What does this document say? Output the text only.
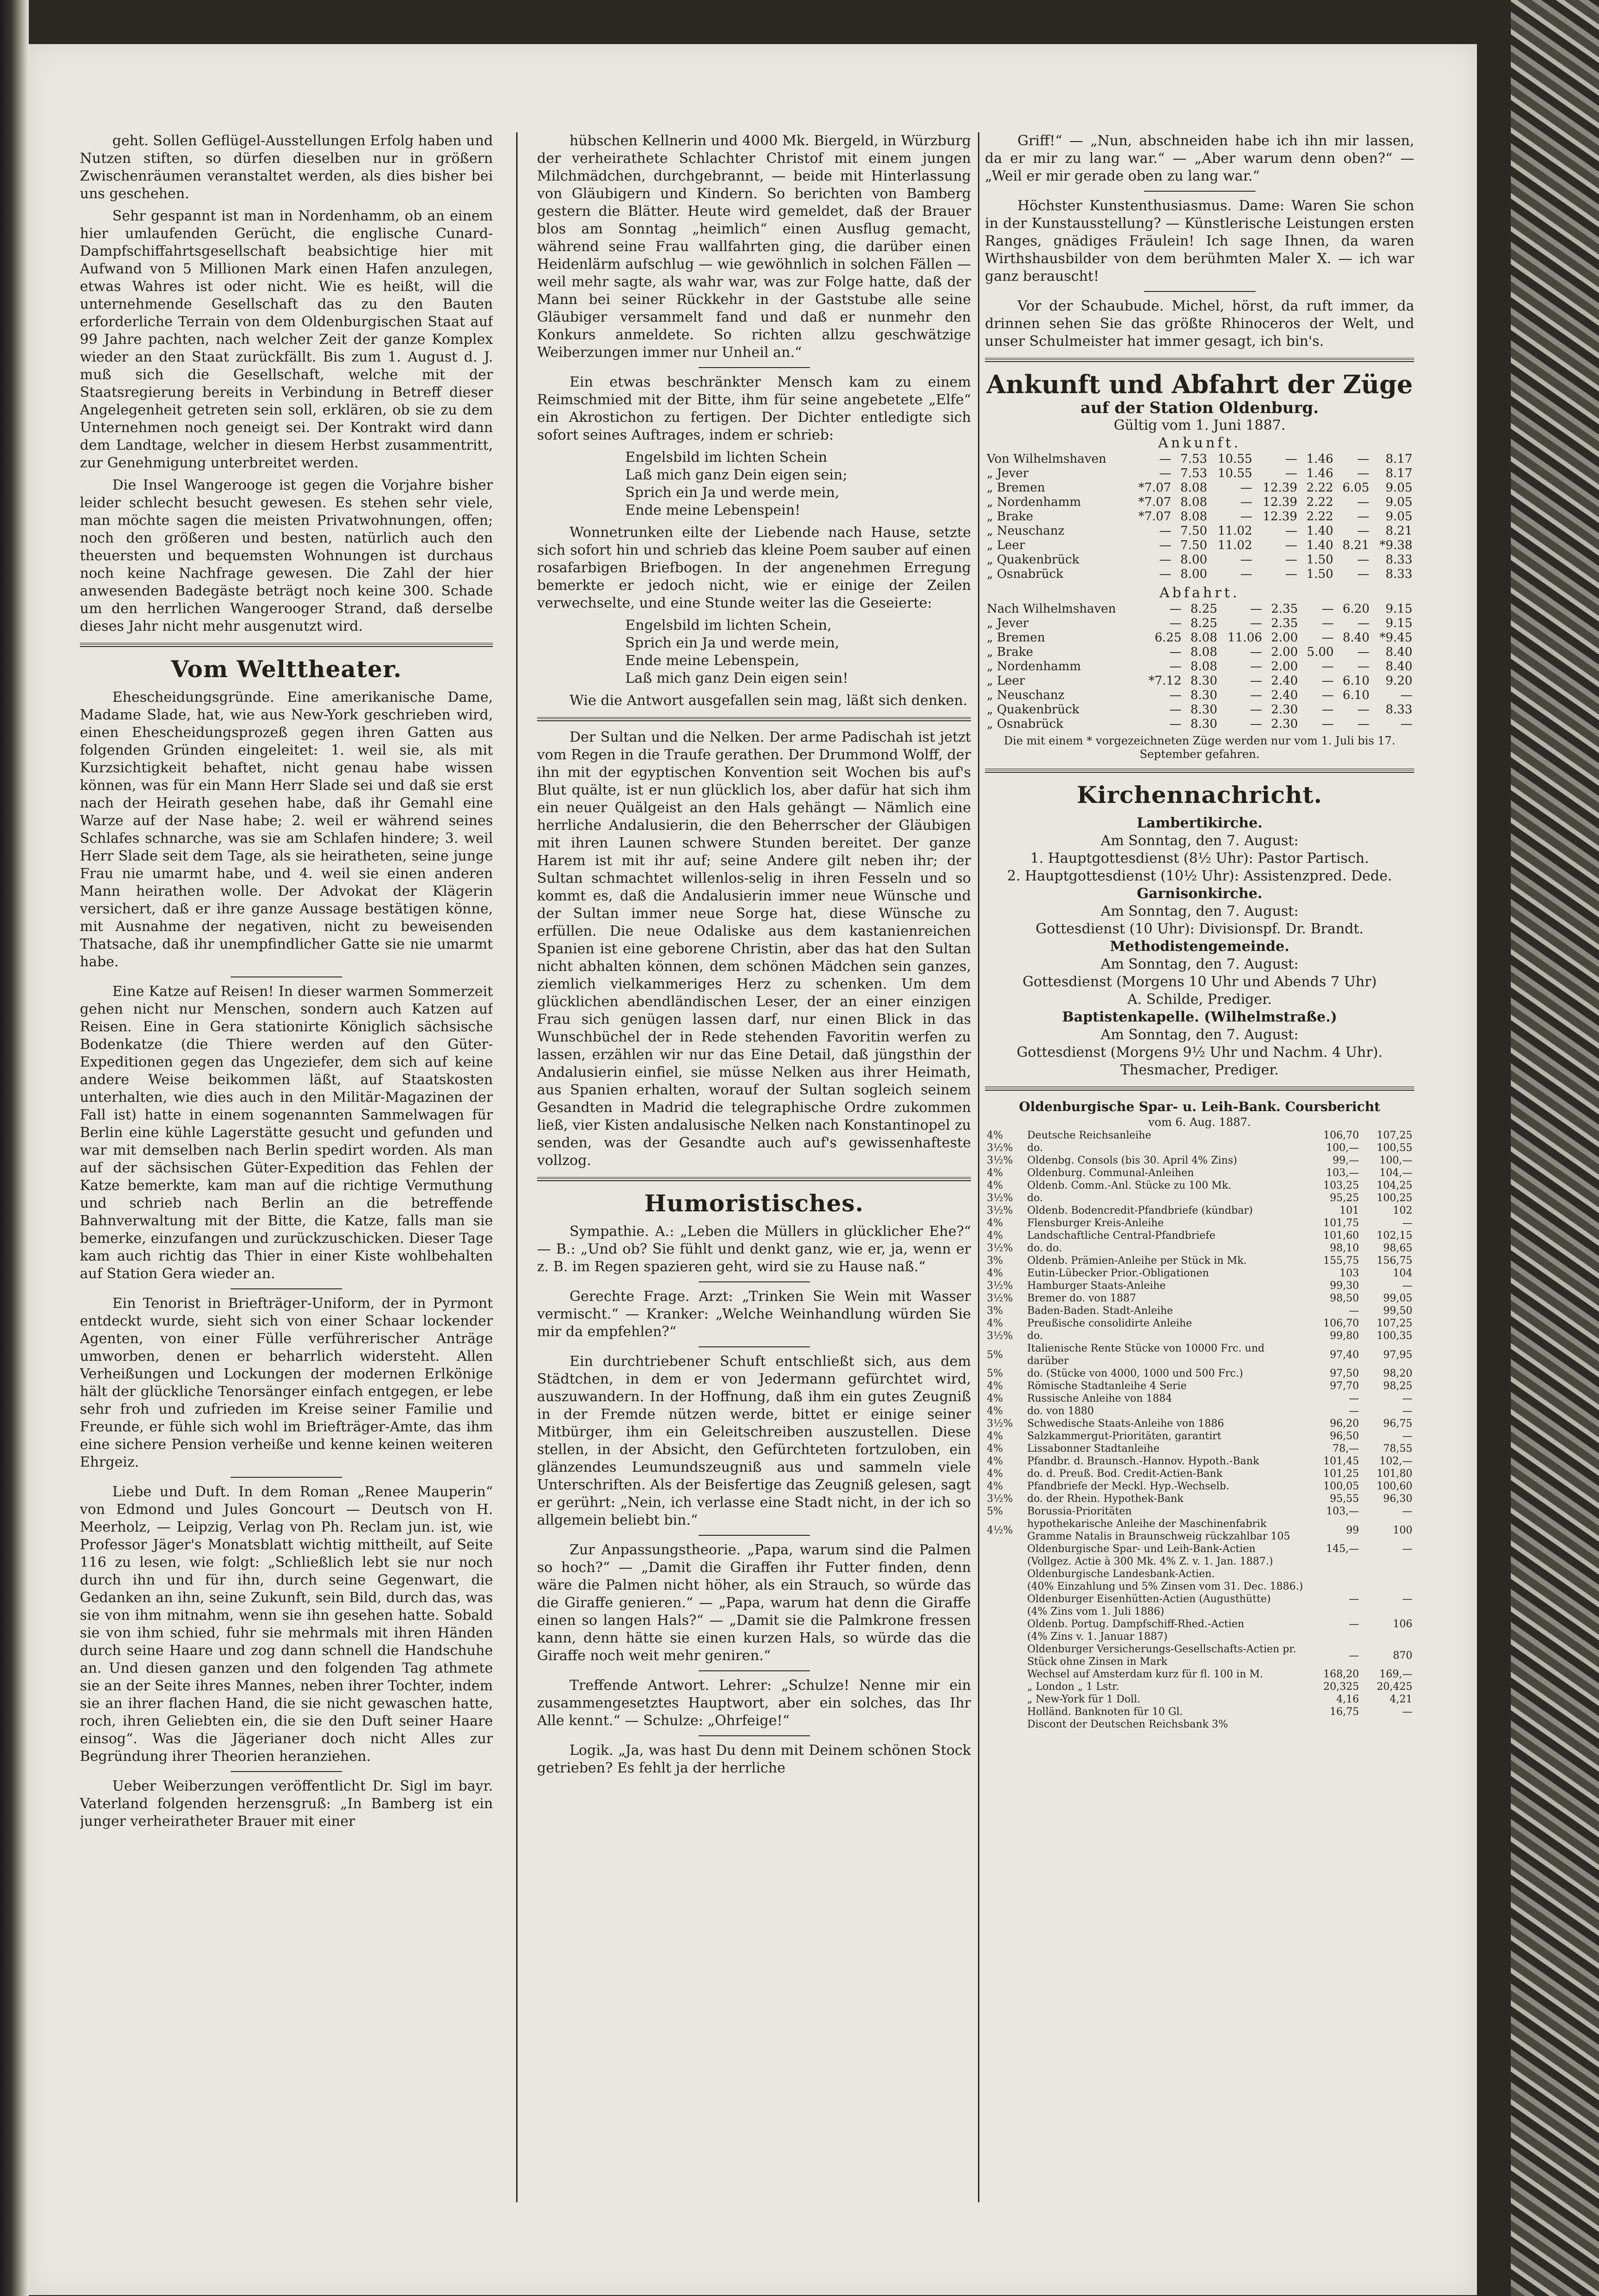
geht. Sollen Geflügel-Ausstellungen Erfolg haben und Nutzen stiften, so dürfen dieselben nur in größern Zwischenräumen veranstaltet werden, als dies bisher bei uns geschehen.

Sehr gespannt ist man in Nordenhamm, ob an einem hier umlaufenden Gerücht, die englische Cunard-Dampfschiffahrtsgesellschaft beabsichtige hier mit Aufwand von 5 Millionen Mark einen Hafen anzulegen, etwas Wahres ist oder nicht. Wie es heißt, will die unternehmende Gesellschaft das zu den Bauten erforderliche Terrain von dem Oldenburgischen Staat auf 99 Jahre pachten, nach welcher Zeit der ganze Komplex wieder an den Staat zurückfällt. Bis zum 1. August d. J. muß sich die Gesellschaft, welche mit der Staatsregierung bereits in Verbindung in Betreff dieser Angelegenheit getreten sein soll, erklären, ob sie zu dem Unternehmen noch geneigt sei. Der Kontrakt wird dann dem Landtage, welcher in diesem Herbst zusammentritt, zur Genehmigung unterbreitet werden.

Die Insel Wangerooge ist gegen die Vorjahre bisher leider schlecht besucht gewesen. Es stehen sehr viele, man möchte sagen die meisten Privatwohnungen, offen; noch den größeren und besten, natürlich auch den theuersten und bequemsten Wohnungen ist durchaus noch keine Nachfrage gewesen. Die Zahl der hier anwesenden Badegäste beträgt noch keine 300. Schade um den herrlichen Wangerooger Strand, daß derselbe dieses Jahr nicht mehr ausgenutzt wird.

Vom Welttheater.

Ehescheidungsgründe. Eine amerikanische Dame, Madame Slade, hat, wie aus New-York geschrieben wird, einen Ehescheidungsprozeß gegen ihren Gatten aus folgenden Gründen eingeleitet: 1. weil sie, als mit Kurzsichtigkeit behaftet, nicht genau habe wissen können, was für ein Mann Herr Slade sei und daß sie erst nach der Heirath gesehen habe, daß ihr Gemahl eine Warze auf der Nase habe; 2. weil er während seines Schlafes schnarche, was sie am Schlafen hindere; 3. weil Herr Slade seit dem Tage, als sie heiratheten, seine junge Frau nie umarmt habe, und 4. weil sie einen anderen Mann heirathen wolle. Der Advokat der Klägerin versichert, daß er ihre ganze Aussage bestätigen könne, mit Ausnahme der negativen, nicht zu beweisenden Thatsache, daß ihr unempfindlicher Gatte sie nie umarmt habe.

Eine Katze auf Reisen! In dieser warmen Sommerzeit gehen nicht nur Menschen, sondern auch Katzen auf Reisen. Eine in Gera stationirte Königlich sächsische Bodenkatze (die Thiere werden auf den Güter-Expeditionen gegen das Ungeziefer, dem sich auf keine andere Weise beikommen läßt, auf Staatskosten unterhalten, wie dies auch in den Militär-Magazinen der Fall ist) hatte in einem sogenannten Sammelwagen für Berlin eine kühle Lagerstätte gesucht und gefunden und war mit demselben nach Berlin spedirt worden. Als man auf der sächsischen Güter-Expedition das Fehlen der Katze bemerkte, kam man auf die richtige Vermuthung und schrieb nach Berlin an die betreffende Bahnverwaltung mit der Bitte, die Katze, falls man sie bemerke, einzufangen und zurückzuschicken. Dieser Tage kam auch richtig das Thier in einer Kiste wohlbehalten auf Station Gera wieder an.

Ein Tenorist in Briefträger-Uniform, der in Pyrmont entdeckt wurde, sieht sich von einer Schaar lockender Agenten, von einer Fülle verführerischer Anträge umworben, denen er beharrlich widersteht. Allen Verheißungen und Lockungen der modernen Erlkönige hält der glückliche Tenorsänger einfach entgegen, er lebe sehr froh und zufrieden im Kreise seiner Familie und Freunde, er fühle sich wohl im Briefträger-Amte, das ihm eine sichere Pension verheiße und kenne keinen weiteren Ehrgeiz.

Liebe und Duft. In dem Roman „Renee Mauperin“ von Edmond und Jules Goncourt — Deutsch von H. Meerholz, — Leipzig, Verlag von Ph. Reclam jun. ist, wie Professor Jäger's Monatsblatt wichtig mittheilt, auf Seite 116 zu lesen, wie folgt: „Schließlich lebt sie nur noch durch ihn und für ihn, durch seine Gegenwart, die Gedanken an ihn, seine Zukunft, sein Bild, durch das, was sie von ihm mitnahm, wenn sie ihn gesehen hatte. Sobald sie von ihm schied, fuhr sie mehrmals mit ihren Händen durch seine Haare und zog dann schnell die Handschuhe an. Und diesen ganzen und den folgenden Tag athmete sie an der Seite ihres Mannes, neben ihrer Tochter, indem sie an ihrer flachen Hand, die sie nicht gewaschen hatte, roch, ihren Geliebten ein, die sie den Duft seiner Haare einsog“. Was die Jägerianer doch nicht Alles zur Begründung ihrer Theorien heranziehen.

Ueber Weiberzungen veröffentlicht Dr. Sigl im bayr. Vaterland folgenden herzensgruß: „In Bamberg ist ein junger verheiratheter Brauer mit einer

hübschen Kellnerin und 4000 Mk. Biergeld, in Würzburg der verheirathete Schlachter Christof mit einem jungen Milchmädchen, durchgebrannt, — beide mit Hinterlassung von Gläubigern und Kindern. So berichten von Bamberg gestern die Blätter. Heute wird gemeldet, daß der Brauer blos am Sonntag „heimlich“ einen Ausflug gemacht, während seine Frau wallfahrten ging, die darüber einen Heidenlärm aufschlug — wie gewöhnlich in solchen Fällen — weil mehr sagte, als wahr war, was zur Folge hatte, daß der Mann bei seiner Rückkehr in der Gaststube alle seine Gläubiger versammelt fand und daß er nunmehr den Konkurs anmeldete. So richten allzu geschwätzige Weiberzungen immer nur Unheil an.“

Ein etwas beschränkter Mensch kam zu einem Reimschmied mit der Bitte, ihm für seine angebetete „Elfe“ ein Akrostichon zu fertigen. Der Dichter entledigte sich sofort seines Auftrages, indem er schrieb:

Engelsbild im lichten Schein
Laß mich ganz Dein eigen sein;
Sprich ein Ja und werde mein,
Ende meine Lebenspein!

Wonnetrunken eilte der Liebende nach Hause, setzte sich sofort hin und schrieb das kleine Poem sauber auf einen rosafarbigen Briefbogen. In der angenehmen Erregung bemerkte er jedoch nicht, wie er einige der Zeilen verwechselte, und eine Stunde weiter las die Geseierte:

Engelsbild im lichten Schein,
Sprich ein Ja und werde mein,
Ende meine Lebenspein,
Laß mich ganz Dein eigen sein!

Wie die Antwort ausgefallen sein mag, läßt sich denken.

Der Sultan und die Nelken. Der arme Padischah ist jetzt vom Regen in die Traufe gerathen. Der Drummond Wolff, der ihn mit der egyptischen Konvention seit Wochen bis auf's Blut quälte, ist er nun glücklich los, aber dafür hat sich ihm ein neuer Quälgeist an den Hals gehängt — Nämlich eine herrliche Andalusierin, die den Beherrscher der Gläubigen mit ihren Launen schwere Stunden bereitet. Der ganze Harem ist mit ihr auf; seine Andere gilt neben ihr; der Sultan schmachtet willenlos-selig in ihren Fesseln und so kommt es, daß die Andalusierin immer neue Wünsche und der Sultan immer neue Sorge hat, diese Wünsche zu erfüllen. Die neue Odaliske aus dem kastanienreichen Spanien ist eine geborene Christin, aber das hat den Sultan nicht abhalten können, dem schönen Mädchen sein ganzes, ziemlich vielkammeriges Herz zu schenken. Um dem glücklichen abendländischen Leser, der an einer einzigen Frau sich genügen lassen darf, nur einen Blick in das Wunschbüchel der in Rede stehenden Favoritin werfen zu lassen, erzählen wir nur das Eine Detail, daß jüngsthin der Andalusierin einfiel, sie müsse Nelken aus ihrer Heimath, aus Spanien erhalten, worauf der Sultan sogleich seinem Gesandten in Madrid die telegraphische Ordre zukommen ließ, vier Kisten andalusische Nelken nach Konstantinopel zu senden, was der Gesandte auch auf's gewissenhafteste vollzog.

Humoristisches.

Sympathie. A.: „Leben die Müllers in glücklicher Ehe?“ — B.: „Und ob? Sie fühlt und denkt ganz, wie er, ja, wenn er z. B. im Regen spazieren geht, wird sie zu Hause naß.“

Gerechte Frage. Arzt: „Trinken Sie Wein mit Wasser vermischt.“ — Kranker: „Welche Weinhandlung würden Sie mir da empfehlen?“

Ein durchtriebener Schuft entschließt sich, aus dem Städtchen, in dem er von Jedermann gefürchtet wird, auszuwandern. In der Hoffnung, daß ihm ein gutes Zeugniß in der Fremde nützen werde, bittet er einige seiner Mitbürger, ihm ein Geleitschreiben auszustellen. Diese stellen, in der Absicht, den Gefürchteten fortzuloben, ein glänzendes Leumundszeugniß aus und sammeln viele Unterschriften. Als der Beisfertige das Zeugniß gelesen, sagt er gerührt: „Nein, ich verlasse eine Stadt nicht, in der ich so allgemein beliebt bin.“

Zur Anpassungstheorie. „Papa, warum sind die Palmen so hoch?“ — „Damit die Giraffen ihr Futter finden, denn wäre die Palmen nicht höher, als ein Strauch, so würde das die Giraffe genieren.“ — „Papa, warum hat denn die Giraffe einen so langen Hals?“ — „Damit sie die Palmkrone fressen kann, denn hätte sie einen kurzen Hals, so würde das die Giraffe noch weit mehr geniren.“

Treffende Antwort. Lehrer: „Schulze! Nenne mir ein zusammengesetztes Hauptwort, aber ein solches, das Ihr Alle kennt.“ — Schulze: „Ohrfeige!“

Logik. „Ja, was hast Du denn mit Deinem schönen Stock getrieben? Es fehlt ja der herrliche

Griff!“ — „Nun, abschneiden habe ich ihn mir lassen, da er mir zu lang war.“ — „Aber warum denn oben?“ — „Weil er mir gerade oben zu lang war.“

Höchster Kunstenthusiasmus. Dame: Waren Sie schon in der Kunstausstellung? — Künstlerische Leistungen ersten Ranges, gnädiges Fräulein! Ich sage Ihnen, da waren Wirthshausbilder von dem berühmten Maler X. — ich war ganz berauscht!

Vor der Schaubude. Michel, hörst, da ruft immer, da drinnen sehen Sie das größte Rhinoceros der Welt, und unser Schulmeister hat immer gesagt, ich bin's.

Ankunft und Abfahrt der Züge
auf der Station Oldenburg.
Gültig vom 1. Juni 1887.
Ankunft.
Von Wilhelmshaven	—	7.53	10.55	—	1.46	—	8.17
„ Jever	—	7.53	10.55	—	1.46	—	8.17
„ Bremen	*7.07	8.08	—	12.39	2.22	6.05	9.05
„ Nordenhamm	*7.07	8.08	—	12.39	2.22	—	9.05
„ Brake	*7.07	8.08	—	12.39	2.22	—	9.05
„ Neuschanz	—	7.50	11.02	—	1.40	—	8.21
„ Leer	—	7.50	11.02	—	1.40	8.21	*9.38
„ Quakenbrück	—	8.00	—	—	1.50	—	8.33
„ Osnabrück	—	8.00	—	—	1.50	—	8.33
Abfahrt.
Nach Wilhelmshaven	—	8.25	—	2.35	—	6.20	9.15
„ Jever	—	8.25	—	2.35	—	—	9.15
„ Bremen	6.25	8.08	11.06	2.00	—	8.40	*9.45
„ Brake	—	8.08	—	2.00	5.00	—	8.40
„ Nordenhamm	—	8.08	—	2.00	—	—	8.40
„ Leer	*7.12	8.30	—	2.40	—	6.10	9.20
„ Neuschanz	—	8.30	—	2.40	—	6.10	—
„ Quakenbrück	—	8.30	—	2.30	—	—	8.33
„ Osnabrück	—	8.30	—	2.30	—	—	—
Die mit einem * vorgezeichneten Züge werden nur vom 1. Juli bis 17. September gefahren.
Kirchennachricht.
Lambertikirche.
Am Sonntag, den 7. August:
1. Hauptgottesdienst (8½ Uhr): Pastor Partisch.
2. Hauptgottesdienst (10½ Uhr): Assistenzpred. Dede.
Garnisonkirche.
Am Sonntag, den 7. August:
Gottesdienst (10 Uhr): Divisionspf. Dr. Brandt.
Methodistengemeinde.
Am Sonntag, den 7. August:
Gottesdienst (Morgens 10 Uhr und Abends 7 Uhr)
A. Schilde, Prediger.
Baptistenkapelle. (Wilhelmstraße.)
Am Sonntag, den 7. August:
Gottesdienst (Morgens 9½ Uhr und Nachm. 4 Uhr).
Thesmacher, Prediger.
Oldenburgische Spar- u. Leih-Bank. Coursbericht
vom 6. Aug. 1887.
4%	Deutsche Reichsanleihe	106,70	107,25
3½%	do.	100,—	100,55
3½%	Oldenbg. Consols (bis 30. April 4% Zins)	99,—	100,—
4%	Oldenburg. Communal-Anleihen	103,—	104,—
4%	Oldenb. Comm.-Anl. Stücke zu 100 Mk.	103,25	104,25
3½%	do.	95,25	100,25
3½%	Oldenb. Bodencredit-Pfandbriefe (kündbar)	101	102
4%	Flensburger Kreis-Anleihe	101,75	—
4%	Landschaftliche Central-Pfandbriefe	101,60	102,15
3½%	do. do.	98,10	98,65
3%	Oldenb. Prämien-Anleihe per Stück in Mk.	155,75	156,75
4%	Eutin-Lübecker Prior.-Obligationen	103	104
3½%	Hamburger Staats-Anleihe	99,30	—
3½%	Bremer do. von 1887	98,50	99,05
3%	Baden-Baden. Stadt-Anleihe	—	99,50
4%	Preußische consolidirte Anleihe	106,70	107,25
3½%	do.	99,80	100,35
5%	Italienische Rente Stücke von 10000 Frc. und darüber	97,40	97,95
5%	do. (Stücke von 4000, 1000 und 500 Frc.)	97,50	98,20
4%	Römische Stadtanleihe 4 Serie	97,70	98,25
4%	Russische Anleihe von 1884	—	—
4%	do. von 1880	—	—
3½%	Schwedische Staats-Anleihe von 1886	96,20	96,75
4%	Salzkammergut-Prioritäten, garantirt	96,50	—
4%	Lissabonner Stadtanleihe	78,—	78,55
4%	Pfandbr. d. Braunsch.-Hannov. Hypoth.-Bank	101,45	102,—
4%	do. d. Preuß. Bod. Credit-Actien-Bank	101,25	101,80
4%	Pfandbriefe der Meckl. Hyp.-Wechselb.	100,05	100,60
3½%	do. der Rhein. Hypothek-Bank	95,55	96,30
5%	Borussia-Prioritäten	103,—	—
4½%	hypothekarische Anleihe der Maschinenfabrik Gramme Natalis in Braunschweig rückzahlbar 105	99	100
	Oldenburgische Spar- und Leih-Bank-Actien	145,—	—
	(Vollgez. Actie à 300 Mk. 4% Z. v. 1. Jan. 1887.)		
	Oldenburgische Landesbank-Actien.		
	(40% Einzahlung und 5% Zinsen vom 31. Dec. 1886.)		
	Oldenburger Eisenhütten-Actien (Augusthütte)	—	—
	(4% Zins vom 1. Juli 1886)		
	Oldenb. Portug. Dampfschiff-Rhed.-Actien	—	106
	(4% Zins v. 1. Januar 1887)		
	Oldenburger Versicherungs-Gesellschafts-Actien pr. Stück ohne Zinsen in Mark	—	870
	Wechsel auf Amsterdam kurz für fl. 100 in M.	168,20	169,—
	„ London „ 1 Lstr.	20,325	20,425
	„ New-York für 1 Doll.	4,16	4,21
	Holländ. Banknoten für 10 Gl.	16,75	—
	Discont der Deutschen Reichsbank 3%		
